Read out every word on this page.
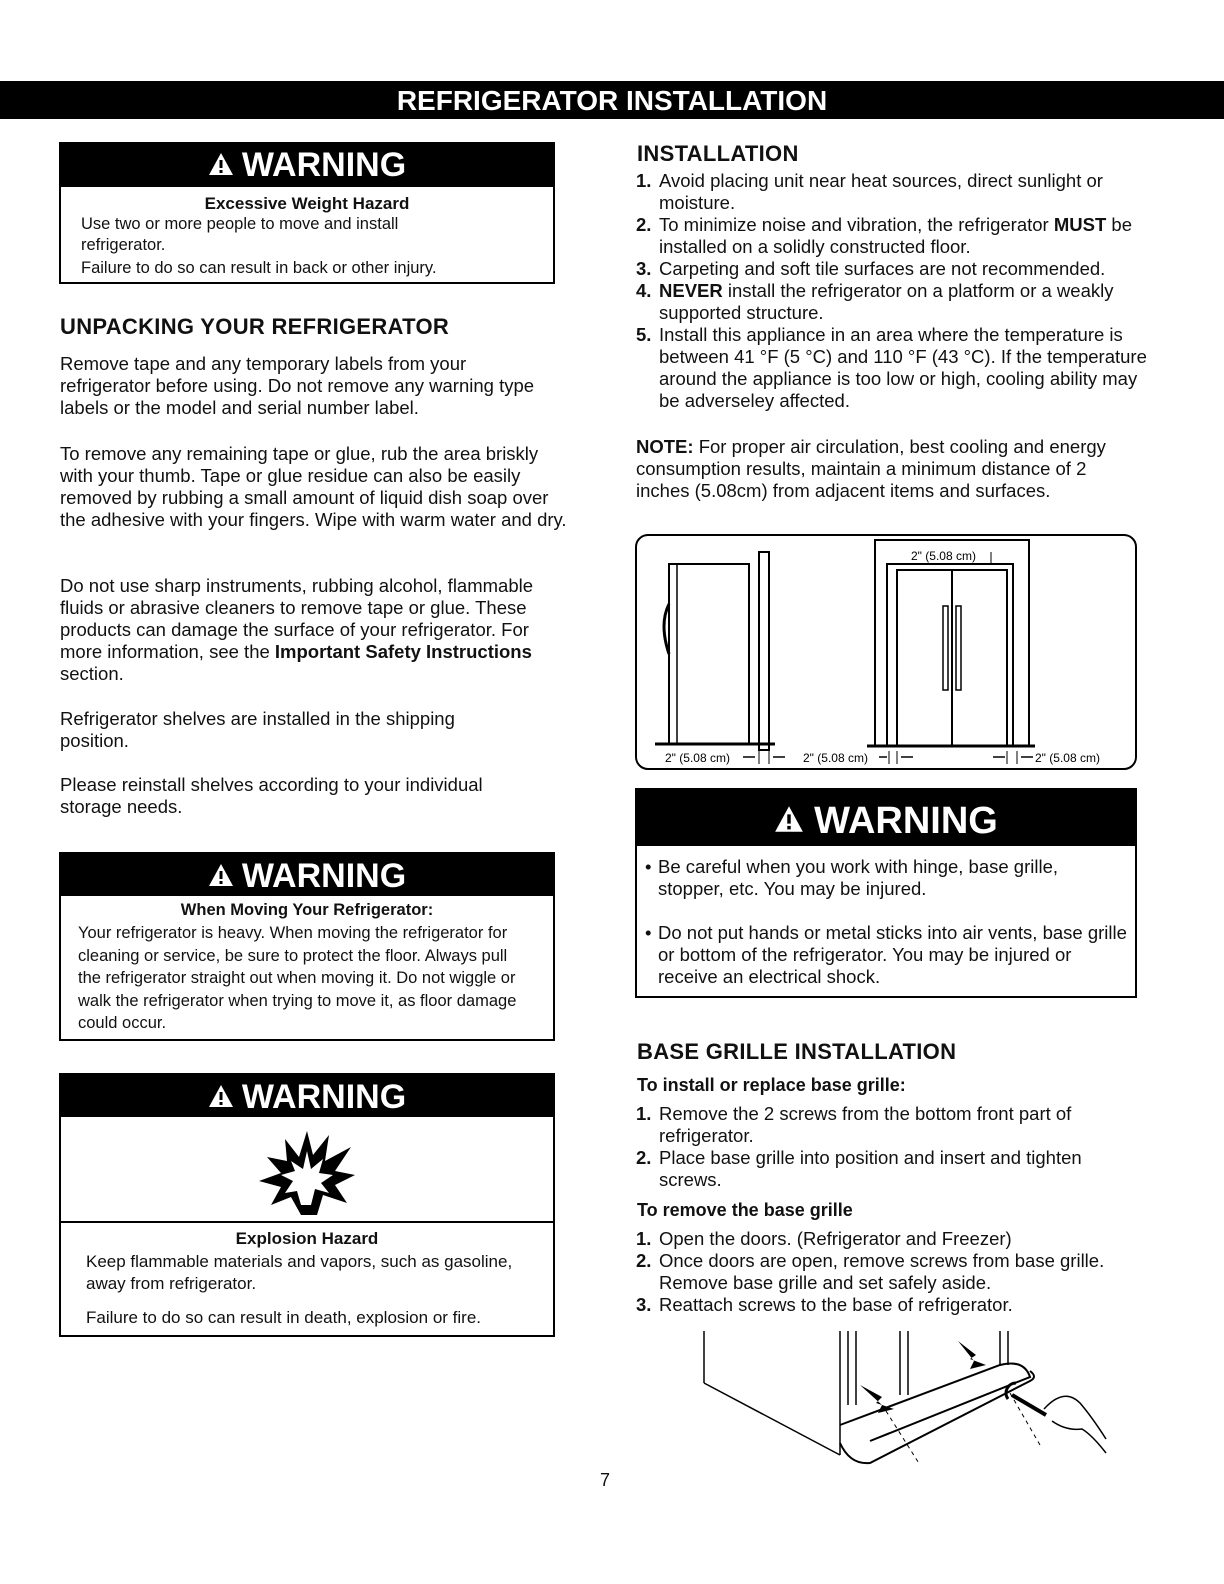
REFRIGERATOR INSTALLATION
WARNING
Excessive Weight Hazard
Use two or more people to move and install refrigerator.
Failure to do so can result in back or other injury.
UNPACKING YOUR REFRIGERATOR
Remove tape and any temporary labels from your refrigerator before using. Do not remove any warning type labels or the model and serial number label.
To remove any remaining tape or glue, rub the area briskly with your thumb. Tape or glue residue can also be easily removed by rubbing a small amount of liquid dish soap over the adhesive with your fingers. Wipe with warm water and dry.
Do not use sharp instruments, rubbing alcohol, flammable fluids or abrasive cleaners to remove tape or glue. These products can damage the surface of your refrigerator. For more information, see the Important Safety Instructions section.
Refrigerator shelves are installed in the shipping position.
Please reinstall shelves according to your individual storage needs.
WARNING
When Moving Your Refrigerator:
Your refrigerator is heavy. When moving the refrigerator for cleaning or service, be sure to protect the floor. Always pull the refrigerator straight out when moving it. Do not wiggle or walk the refrigerator when trying to move it, as floor damage could occur.
WARNING
Explosion Hazard
Keep flammable materials and vapors, such as gasoline, away from refrigerator.
Failure to do so can result in death, explosion or fire.
INSTALLATION
1. Avoid placing unit near heat sources, direct sunlight or moisture.
2. To minimize noise and vibration, the refrigerator MUST be installed on a solidly constructed floor.
3. Carpeting and soft tile surfaces are not recommended.
4. NEVER install the refrigerator on a platform or a weakly supported structure.
5. Install this appliance in an area where the temperature is between 41 °F (5 °C) and 110 °F (43 °C). If the temperature around the appliance is too low or high, cooling ability may be adverseley affected.
NOTE: For proper air circulation, best cooling and energy consumption results, maintain a minimum distance of 2 inches (5.08cm) from adjacent items and surfaces.
2" (5.08 cm)
2" (5.08 cm)	2" (5.08 cm)	2" (5.08 cm)
WARNING
• Be careful when you work with hinge, base grille, stopper, etc. You may be injured.
• Do not put hands or metal sticks into air vents, base grille or bottom of the refrigerator. You may be injured or receive an electrical shock.
BASE GRILLE INSTALLATION
To install or replace base grille:
1. Remove the 2 screws from the bottom front part of refrigerator.
2. Place base grille into position and insert and tighten screws.
To remove the base grille
1. Open the doors. (Refrigerator and Freezer)
2. Once doors are open, remove screws from base grille. Remove base grille and set safely aside.
3. Reattach screws to the base of refrigerator.
7
